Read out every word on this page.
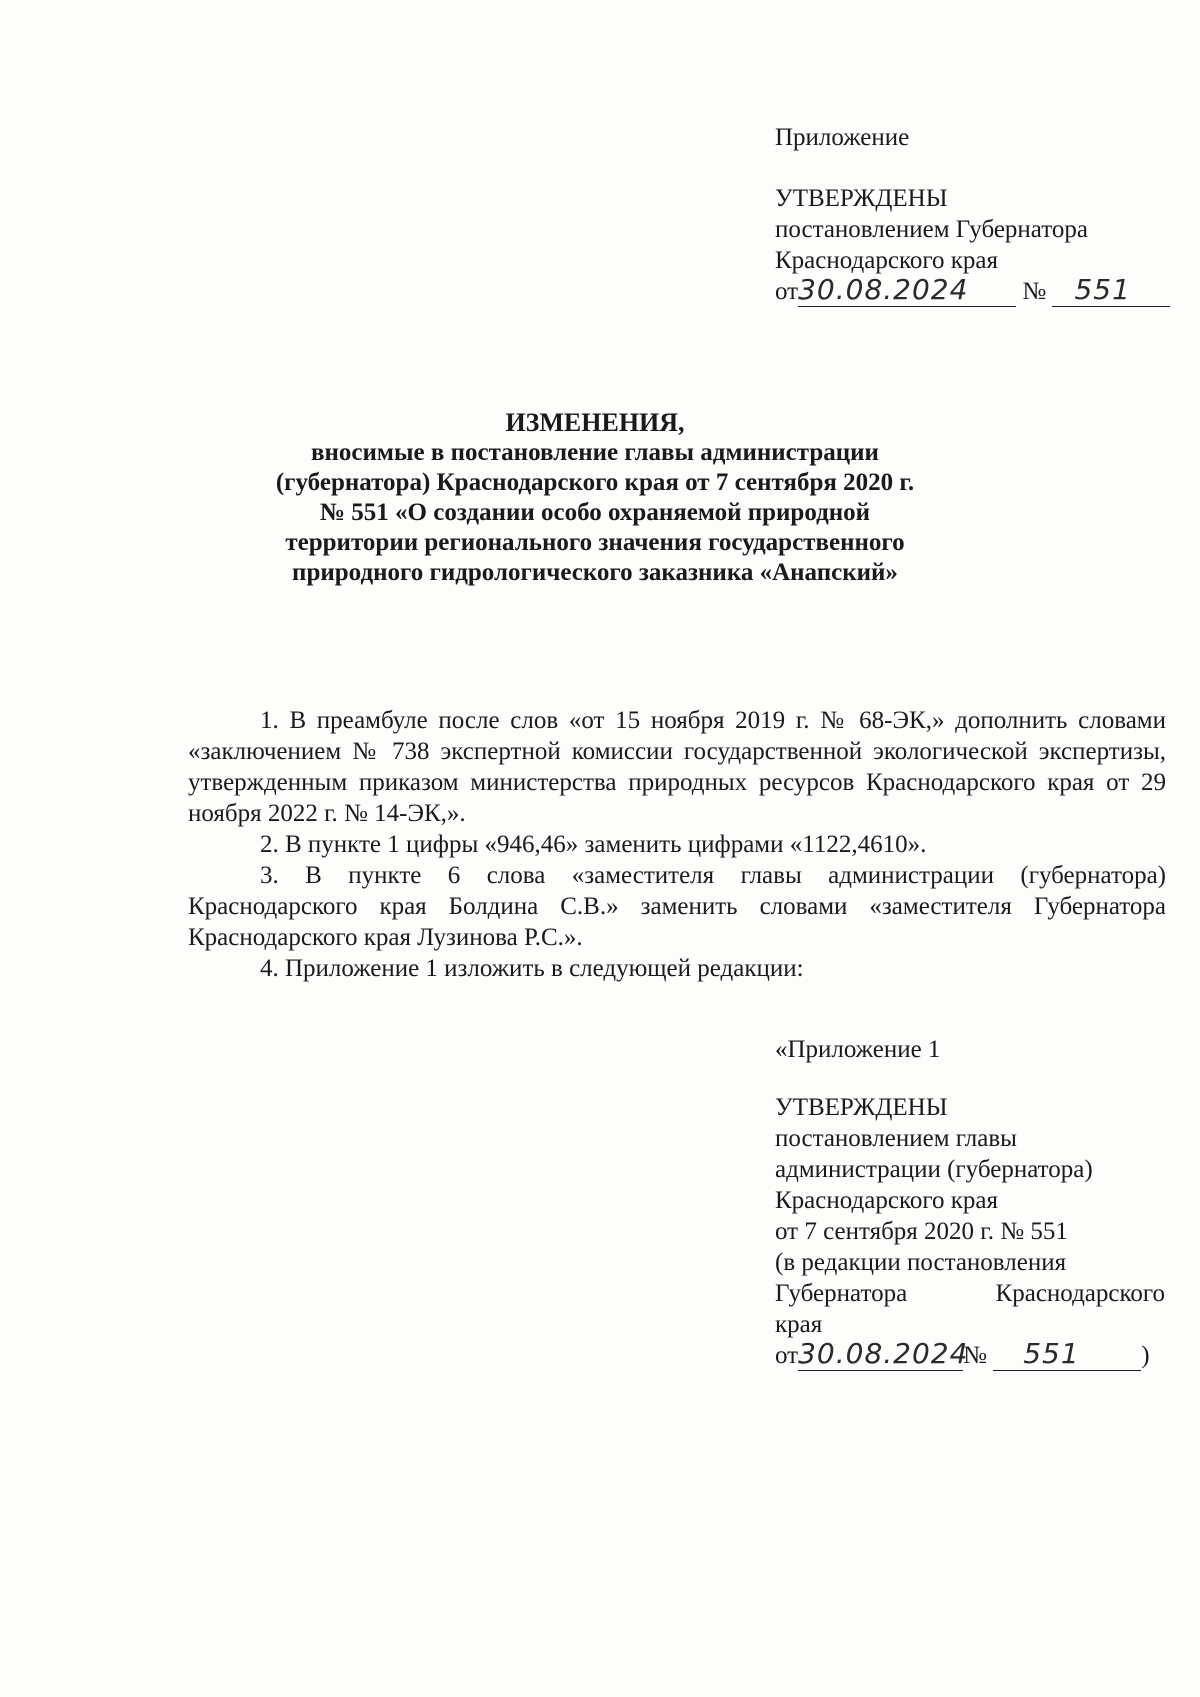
Приложение
УТВЕРЖДЕНЫ
постановлением Губернатора
Краснодарского края
от30.08.2024 № 551
ИЗМЕНЕНИЯ,
вносимые в постановление главы администрации
(губернатора) Краснодарского края от 7 сентября 2020 г.
№ 551 «О создании особо охраняемой природной
территории регионального значения государственного
природного гидрологического заказника «Анапский»

1. В преамбуле после слов «от 15 ноября 2019 г. № 68-ЭК,» дополнить словами «заключением № 738 экспертной комиссии государственной экологической экспертизы, утвержденным приказом министерства природных ресурсов Краснодарского края от 29 ноября 2022 г. № 14-ЭК,».

2. В пункте 1 цифры «946,46» заменить цифрами «1122,4610».

3. В пункте 6 слова «заместителя главы администрации (губернатора) Краснодарского края Болдина С.В.» заменить словами «заместителя Губернатора Краснодарского края Лузинова Р.С.».

4. Приложение 1 изложить в следующей редакции:

«Приложение 1
УТВЕРЖДЕНЫ
постановлением главы
администрации (губернатора)
Краснодарского края
от 7 сентября 2020 г. № 551
(в редакции постановления
Губернатора	Краснодарского
края
от30.08.2024№ 551 )
